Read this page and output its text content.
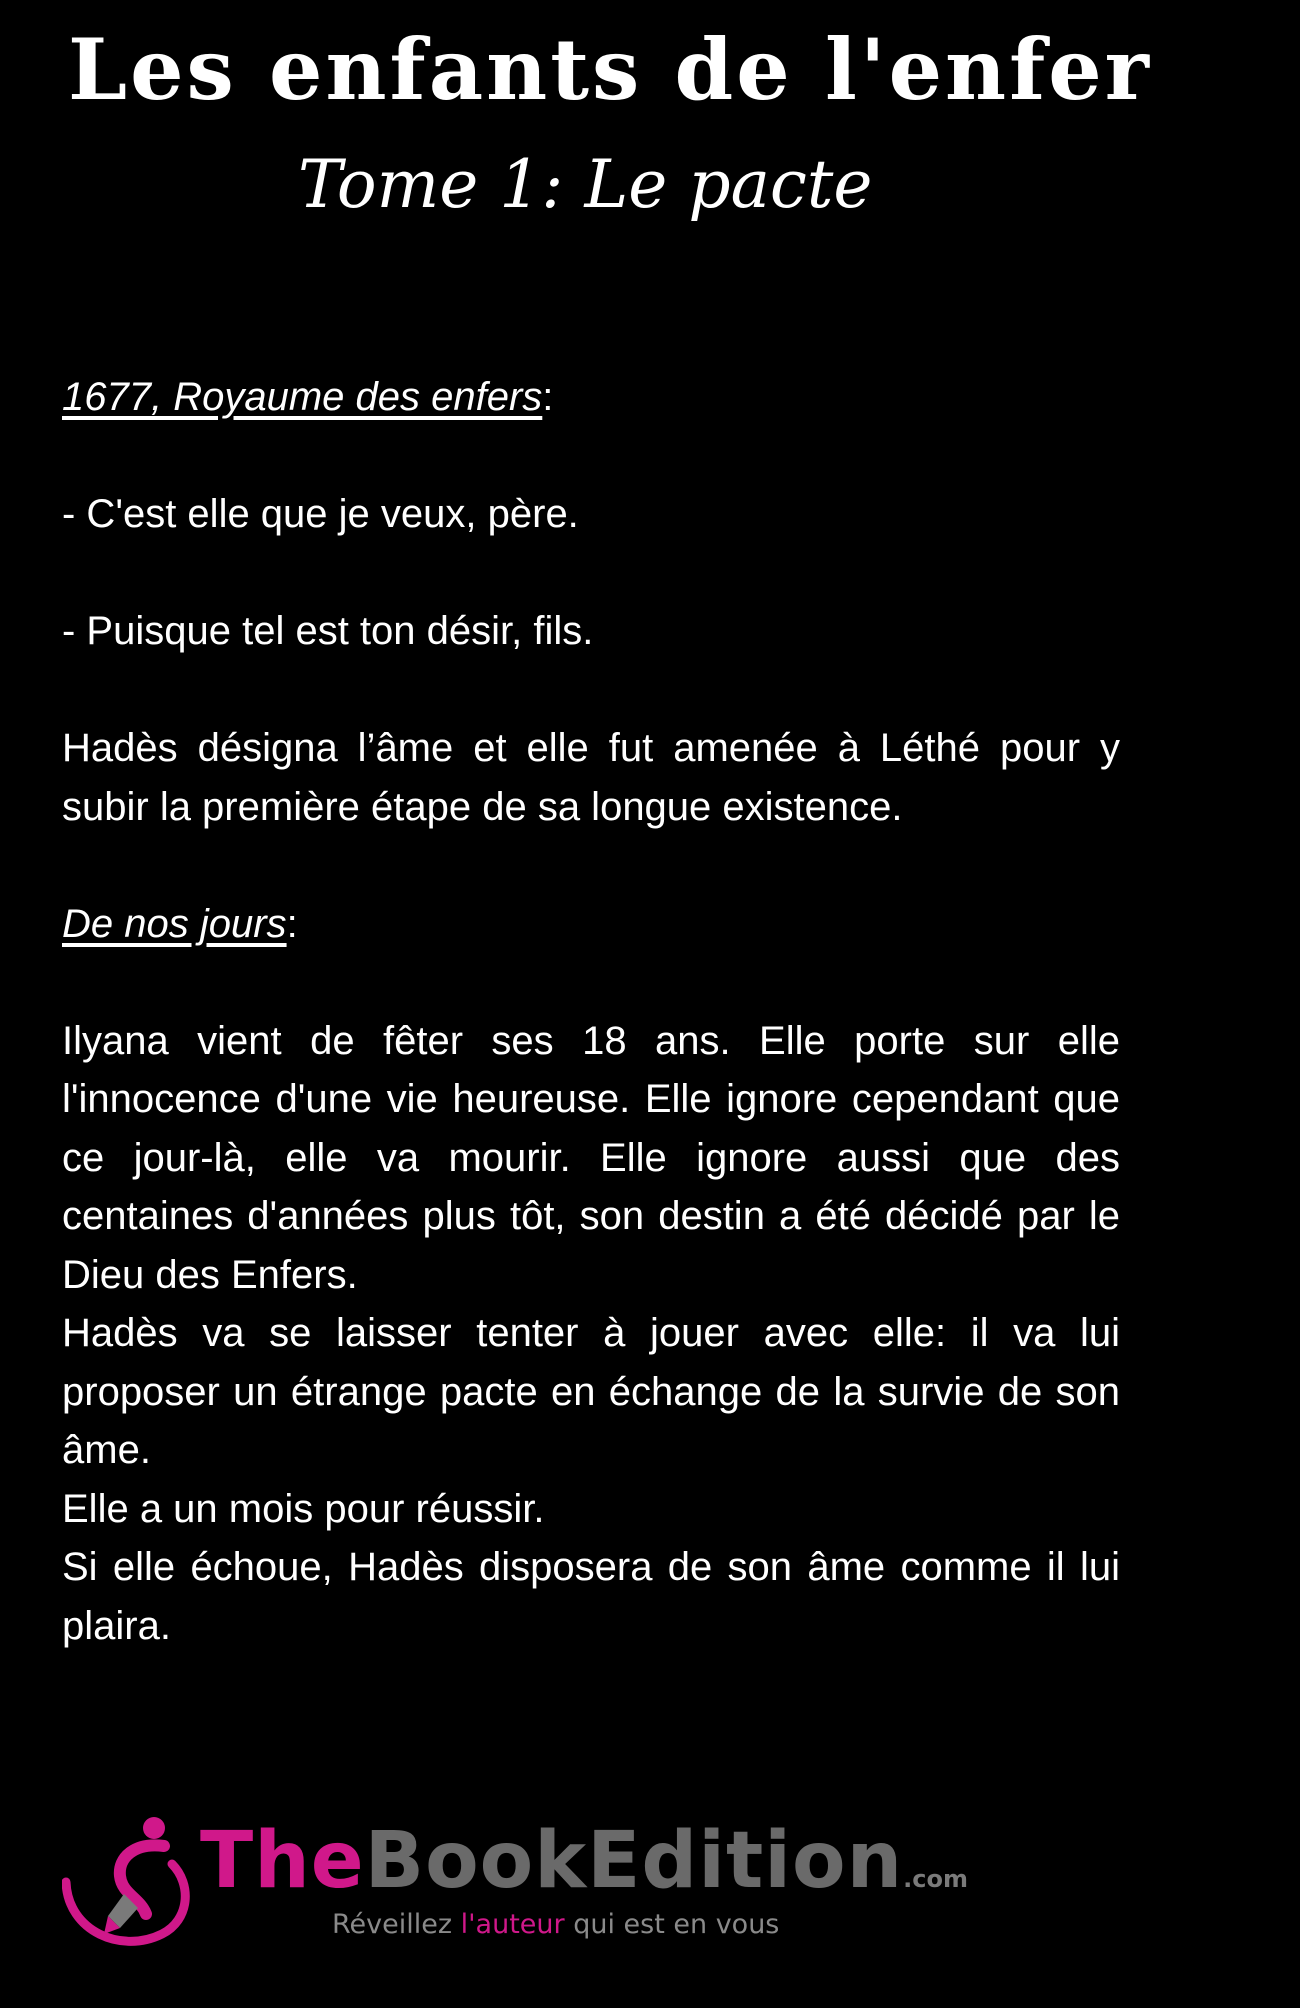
Les enfants de l'enfer
Tome 1: Le pacte

1677, Royaume des enfers:

- C'est elle que je veux, père.

- Puisque tel est ton désir, fils.

Hadès désigna l’âme et elle fut amenée à Léthé pour y subir la première étape de sa longue existence.

De nos jours:

Ilyana vient de fêter ses 18 ans. Elle porte sur elle l'innocence d'une vie heureuse. Elle ignore cependant que ce jour-là, elle va mourir. Elle ignore aussi que des centaines d'années plus tôt, son destin a été décidé par le Dieu des Enfers.

Hadès va se laisser tenter à jouer avec elle: il va lui proposer un étrange pacte en échange de la survie de son âme.

Elle a un mois pour réussir.

Si elle échoue, Hadès disposera de son âme comme il lui plaira.

TheBookEdition.com
Réveillez l'auteur qui est en vous
